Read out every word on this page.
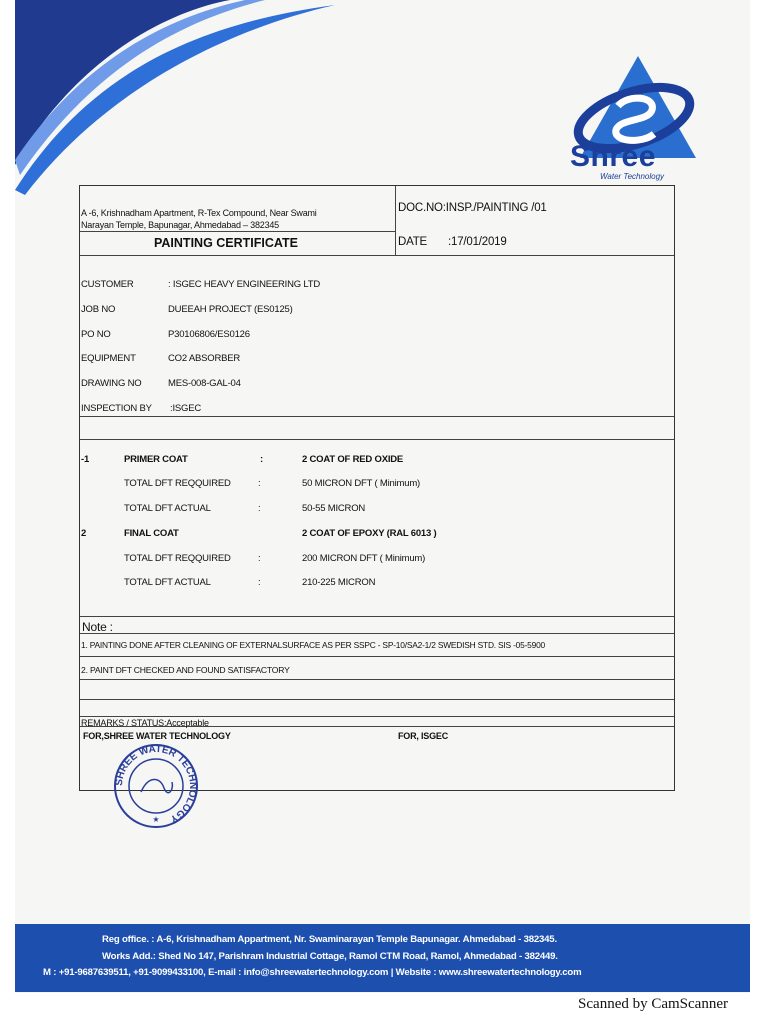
Shree
Water Technology
A -6, Krishnadham Apartment, R-Tex Compound, Near Swami
Narayan Temple, Bapunagar, Ahmedabad – 382345
PAINTING CERTIFICATE
DOC.NO:INSP./PAINTING /01
DATE :17/01/2019
CUSTOMER	: ISGEC HEAVY ENGINEERING LTD
JOB NO	DUEEAH PROJECT (ES0125)
PO NO	P30106806/ES0126
EQUIPMENT	CO2 ABSORBER
DRAWING NO	MES-008-GAL-04
INSPECTION BY :ISGEC
-1	PRIMER COAT	:	2 COAT OF RED OXIDE
TOTAL DFT REQQUIRED	:	50 MICRON DFT ( Minimum)
TOTAL DFT ACTUAL	:	50-55 MICRON
2	FINAL COAT	2 COAT OF EPOXY (RAL 6013 )
TOTAL DFT REQQUIRED	:	200 MICRON DFT ( Minimum)
TOTAL DFT ACTUAL	:	210-225 MICRON
Note :
1. PAINTING DONE AFTER CLEANING OF EXTERNALSURFACE AS PER SSPC - SP-10/SA2-1/2 SWEDISH STD. SIS -05-5900
2. PAINT DFT CHECKED AND FOUND SATISFACTORY
REMARKS / STATUS:Acceptable
FOR,SHREE WATER TECHNOLOGY	FOR, ISGEC
SHREE WATER TECHNOLOGY
★
Reg office. : A-6, Krishnadham Appartment, Nr. Swaminarayan Temple Bapunagar. Ahmedabad - 382345.
Works Add.: Shed No 147, Parishram Industrial Cottage, Ramol CTM Road, Ramol, Ahmedabad - 382449.
M : +91-9687639511, +91-9099433100, E-mail : info@shreewatertechnology.com | Website : www.shreewatertechnology.com
Scanned by CamScanner
